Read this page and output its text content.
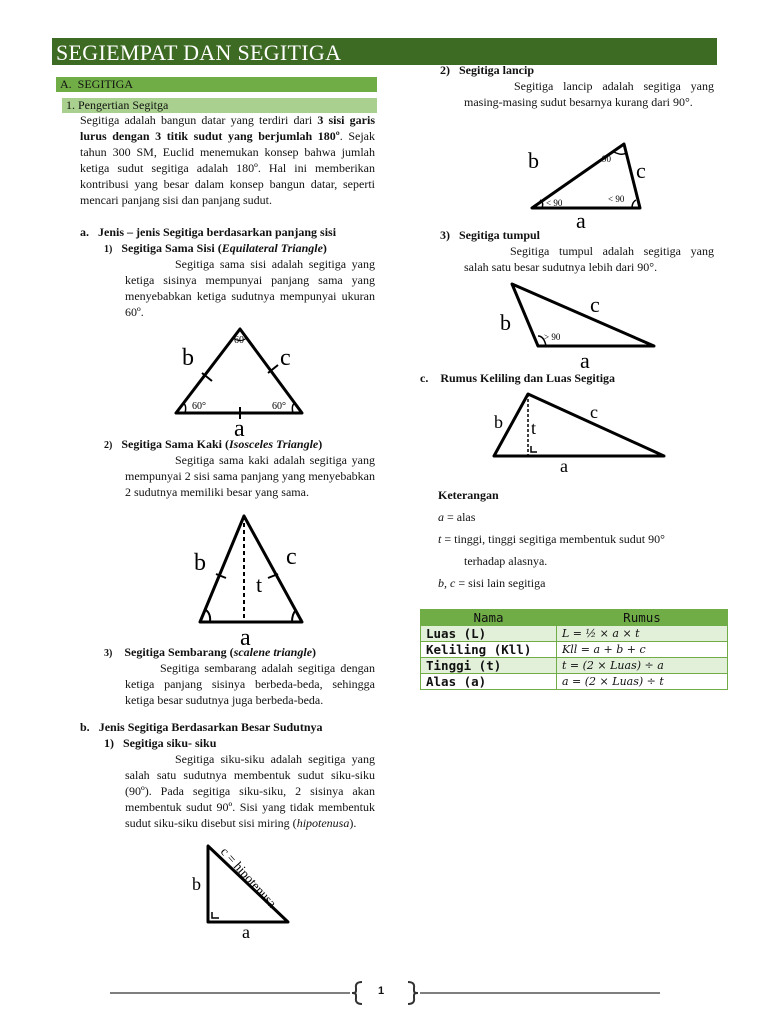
SEGIEMPAT DAN SEGITIGA
A.  SEGITIGA
1. Pengertian Segitga
Segitiga adalah bangun datar yang terdiri dari 3 sisi garis lurus dengan 3 titik sudut yang berjumlah 180º. Sejak tahun 300 SM, Euclid menemukan konsep bahwa jumlah ketiga sudut segitiga adalah 180º. Hal ini memberikan kontribusi yang besar dalam konsep bangun datar, seperti mencari panjang sisi dan panjang sudut.
a. Jenis – jenis Segitiga berdasarkan panjang sisi
1) Segitiga Sama Sisi (Equilateral Triangle)
Segitiga sama sisi adalah segitiga yang ketiga sisinya mempunyai panjang sama yang menyebabkan ketiga sudutnya mempunyai ukuran 60º.
60°
60°	60°
b	c
a
2) Segitiga Sama Kaki (Isosceles Triangle)
Segitiga sama kaki adalah segitiga yang mempunyai 2 sisi sama panjang yang menyebabkan 2 sudutnya memiliki besar yang sama.
b	c
t
a
3) Segitiga Sembarang (scalene triangle)
Segitiga sembarang adalah segitiga dengan ketiga panjang sisinya berbeda-beda, sehingga ketiga besar sudutnya juga berbeda-beda.
b. Jenis Segitiga Berdasarkan Besar Sudutnya
1) Segitiga siku- siku
Segitiga siku-siku adalah segitiga yang salah satu sudutnya membentuk sudut siku-siku (90º). Pada segitiga siku-siku, 2 sisinya akan membentuk sudut 90º. Sisi yang tidak membentuk sudut siku-siku disebut sisi miring (hipotenusa).
b
a
c = hipotenusa
2) Segitiga lancip
Segitiga lancip adalah segitiga yang masing-masing sudut besarnya kurang dari 90°.
90
< 90	< 90
b	c
a
3) Segitiga tumpul
Segitiga tumpul adalah segitiga yang salah satu besar sudutnya lebih dari 90°.
> 90
b
c
a
c. Rumus Keliling dan Luas Segitiga
b t
c
a
Keterangan
a = alas
t = tinggi, tinggi segitiga membentuk sudut 90°
terhadap alasnya.
b, c = sisi lain segitiga
Nama	Rumus
Luas (L)	L = ½ × a × t
Keliling (Kll)	Kll = a + b + c
Tinggi (t)	t = (2 × Luas) ÷ a
Alas (a)	a = (2 × Luas) ÷ t
1
